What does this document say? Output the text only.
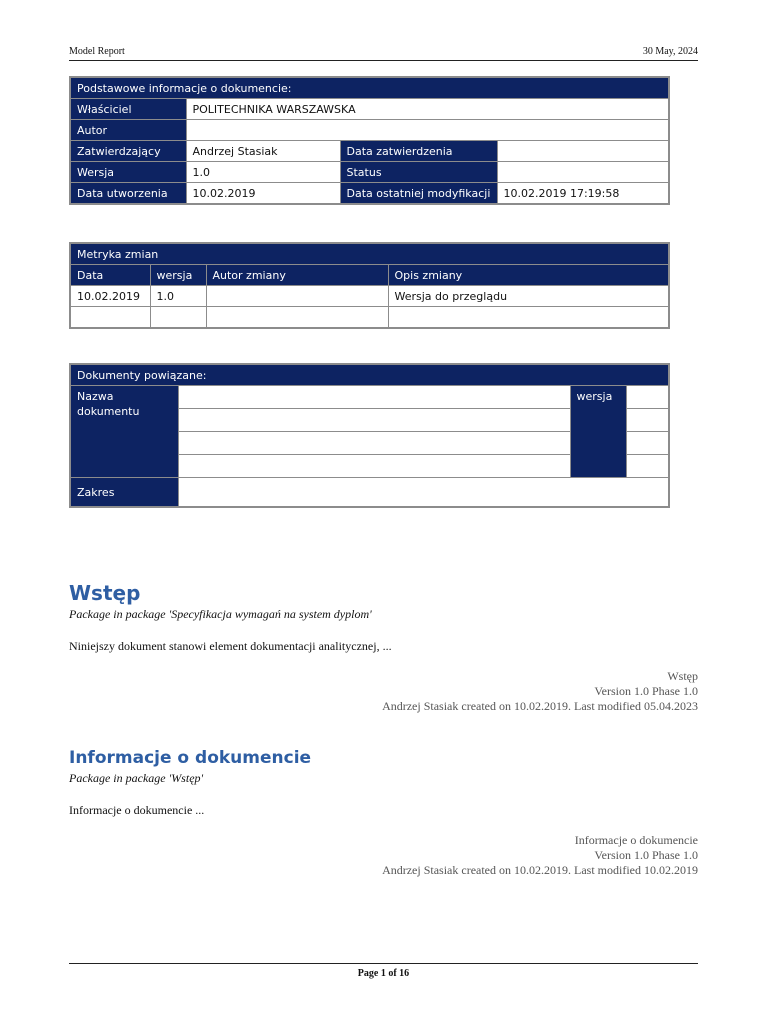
Model Report	30 May, 2024
Podstawowe informacje o dokumencie:			
Właściciel	POLITECHNIKA WARSZAWSKA		
Autor			
Zatwierdzający	Andrzej Stasiak	Data zatwierdzenia	
Wersja	1.0	Status	
Data utworzenia	10.02.2019	Data ostatniej modyfikacji	10.02.2019 17:19:58
Metryka zmian			
Data	wersja	Autor zmiany	Opis zmiany
10.02.2019	1.0		Wersja do przeglądu

Dokumenty powiązane:			
Nazwa dokumentu		wersja	

Zakres			
Wstęp
Package in package 'Specyfikacja wymagań na system dyplom'
Niniejszy dokument stanowi element dokumentacji analitycznej, ...
Wstęp
Version 1.0 Phase 1.0
Andrzej Stasiak created on 10.02.2019. Last modified 05.04.2023
Informacje o dokumencie
Package in package 'Wstęp'
Informacje o dokumencie ...
Informacje o dokumencie
Version 1.0 Phase 1.0
Andrzej Stasiak created on 10.02.2019. Last modified 10.02.2019
Page 1 of 16
